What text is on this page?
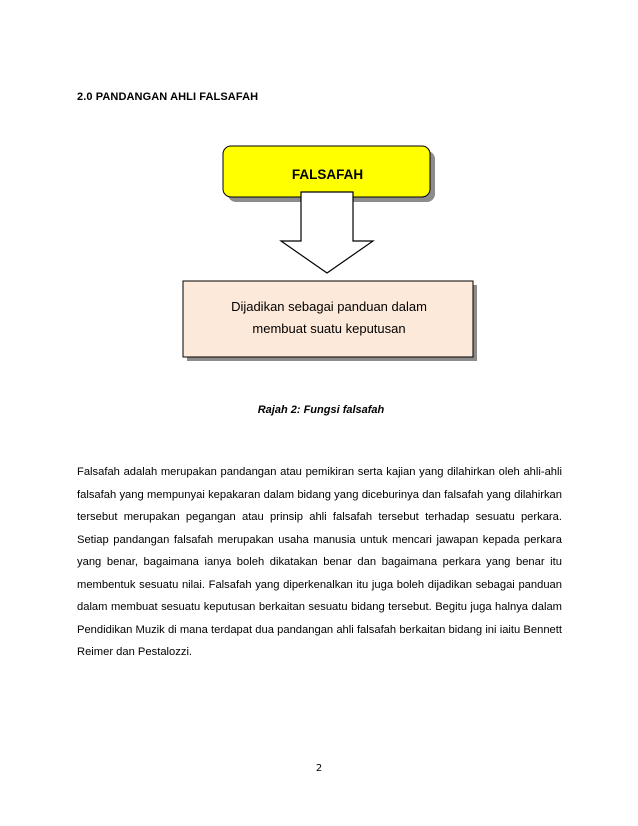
2.0 PANDANGAN AHLI FALSAFAH
FALSAFAH
Dijadikan sebagai panduan dalam
membuat suatu keputusan
Rajah 2: Fungsi falsafah

Falsafah adalah merupakan pandangan atau pemikiran serta kajian yang dilahirkan oleh ahli-ahli falsafah yang mempunyai kepakaran dalam bidang yang diceburinya dan falsafah yang dilahirkan tersebut merupakan pegangan atau prinsip ahli falsafah tersebut terhadap sesuatu perkara. Setiap pandangan falsafah merupakan usaha manusia untuk mencari jawapan kepada perkara yang benar, bagaimana ianya boleh dikatakan benar dan bagaimana perkara yang benar itu membentuk sesuatu nilai. Falsafah yang diperkenalkan itu juga boleh dijadikan sebagai panduan dalam membuat sesuatu keputusan berkaitan sesuatu bidang tersebut. Begitu juga halnya dalam Pendidikan Muzik di mana terdapat dua pandangan ahli falsafah berkaitan bidang ini iaitu Bennett Reimer dan Pestalozzi.

2
